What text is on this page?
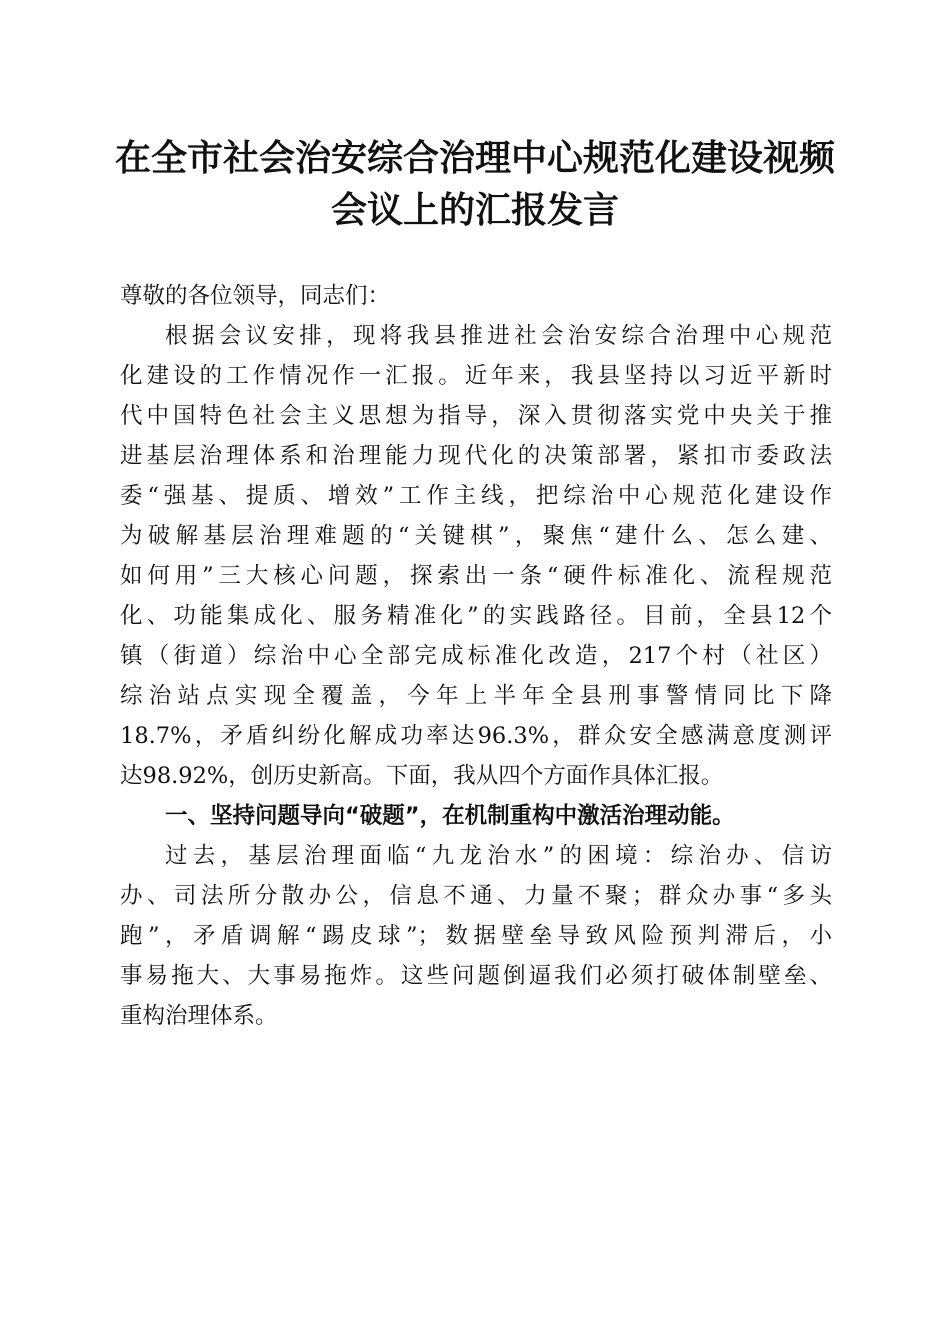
在全市社会治安综合治理中心规范化建设视频
会议上的汇报发言
尊敬的各位领导，同志们：
根据会议安排，现将我县推进社会治安综合治理中心规范
化建设的工作情况作一汇报。近年来，我县坚持以习近平新时
代中国特色社会主义思想为指导，深入贯彻落实党中央关于推
进基层治理体系和治理能力现代化的决策部署，紧扣市委政法
委“强基、提质、增效”工作主线，把综治中心规范化建设作
为破解基层治理难题的“关键棋”，聚焦“建什么、怎么建、
如何用”三大核心问题，探索出一条“硬件标准化、流程规范
化、功能集成化、服务精准化”的实践路径。目前，全县12个
镇（街道）综治中心全部完成标准化改造，217个村（社区）
综治站点实现全覆盖，今年上半年全县刑事警情同比下降
18.7%，矛盾纠纷化解成功率达96.3%，群众安全感满意度测评
达98.92%，创历史新高。下面，我从四个方面作具体汇报。
一、坚持问题导向“破题”，在机制重构中激活治理动能。
过去，基层治理面临“九龙治水”的困境：综治办、信访
办、司法所分散办公，信息不通、力量不聚；群众办事“多头
跑”，矛盾调解“踢皮球”；数据壁垒导致风险预判滞后，小
事易拖大、大事易拖炸。这些问题倒逼我们必须打破体制壁垒、
重构治理体系。
